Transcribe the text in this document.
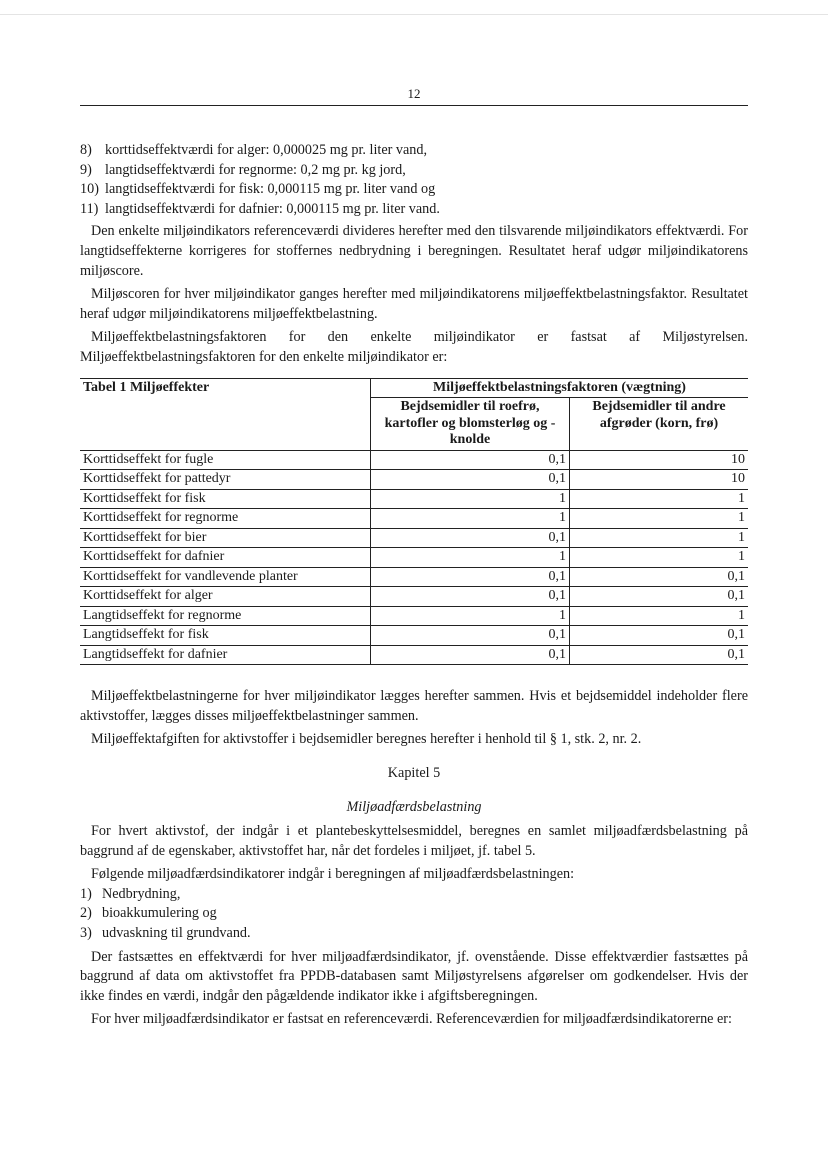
12
8) korttidseffektværdi for alger: 0,000025 mg pr. liter vand,
9) langtidseffektværdi for regnorme: 0,2 mg pr. kg jord,
10) langtidseffektværdi for fisk: 0,000115 mg pr. liter vand og
11) langtidseffektværdi for dafnier: 0,000115 mg pr. liter vand.

Den enkelte miljøindikators referenceværdi divideres herefter med den tilsvarende miljøindikators effektværdi. For langtidseffekterne korrigeres for stoffernes nedbrydning i beregningen. Resultatet heraf udgør miljøindikatorens miljøscore.

Miljøscoren for hver miljøindikator ganges herefter med miljøindikatorens miljøeffektbelastningsfaktor. Resultatet heraf udgør miljøindikatorens miljøeffektbelastning.

Miljøeffektbelastningsfaktoren for den enkelte miljøindikator er fastsat af Miljøstyrelsen. Miljøeffektbelastningsfaktoren for den enkelte miljøindikator er:

Tabel 1 Miljøeffekter	Miljøeffektbelastningsfaktoren (vægtning)	
	Bejdsemidler til roefrø, kartofler og blomsterløg og -knolde	Bejdsemidler til andre afgrøder (korn, frø)
Korttidseffekt for fugle	0,1	10
Korttidseffekt for pattedyr	0,1	10
Korttidseffekt for fisk	1	1
Korttidseffekt for regnorme	1	1
Korttidseffekt for bier	0,1	1
Korttidseffekt for dafnier	1	1
Korttidseffekt for vandlevende planter	0,1	0,1
Korttidseffekt for alger	0,1	0,1
Langtidseffekt for regnorme	1	1
Langtidseffekt for fisk	0,1	0,1
Langtidseffekt for dafnier	0,1	0,1

Miljøeffektbelastningerne for hver miljøindikator lægges herefter sammen. Hvis et bejdsemiddel indeholder flere aktivstoffer, lægges disses miljøeffektbelastninger sammen.

Miljøeffektafgiften for aktivstoffer i bejdsemidler beregnes herefter i henhold til § 1, stk. 2, nr. 2.

Kapitel 5

Miljøadfærdsbelastning

For hvert aktivstof, der indgår i et plantebeskyttelsesmiddel, beregnes en samlet miljøadfærdsbelastning på baggrund af de egenskaber, aktivstoffet har, når det fordeles i miljøet, jf. tabel 5.

Følgende miljøadfærdsindikatorer indgår i beregningen af miljøadfærdsbelastningen:

1) Nedbrydning,
2) bioakkumulering og
3) udvaskning til grundvand.

Der fastsættes en effektværdi for hver miljøadfærdsindikator, jf. ovenstående. Disse effektværdier fastsættes på baggrund af data om aktivstoffet fra PPDB-databasen samt Miljøstyrelsens afgørelser om godkendelser. Hvis der ikke findes en værdi, indgår den pågældende indikator ikke i afgiftsberegningen.

For hver miljøadfærdsindikator er fastsat en referenceværdi. Referenceværdien for miljøadfærdsindikatorerne er:
